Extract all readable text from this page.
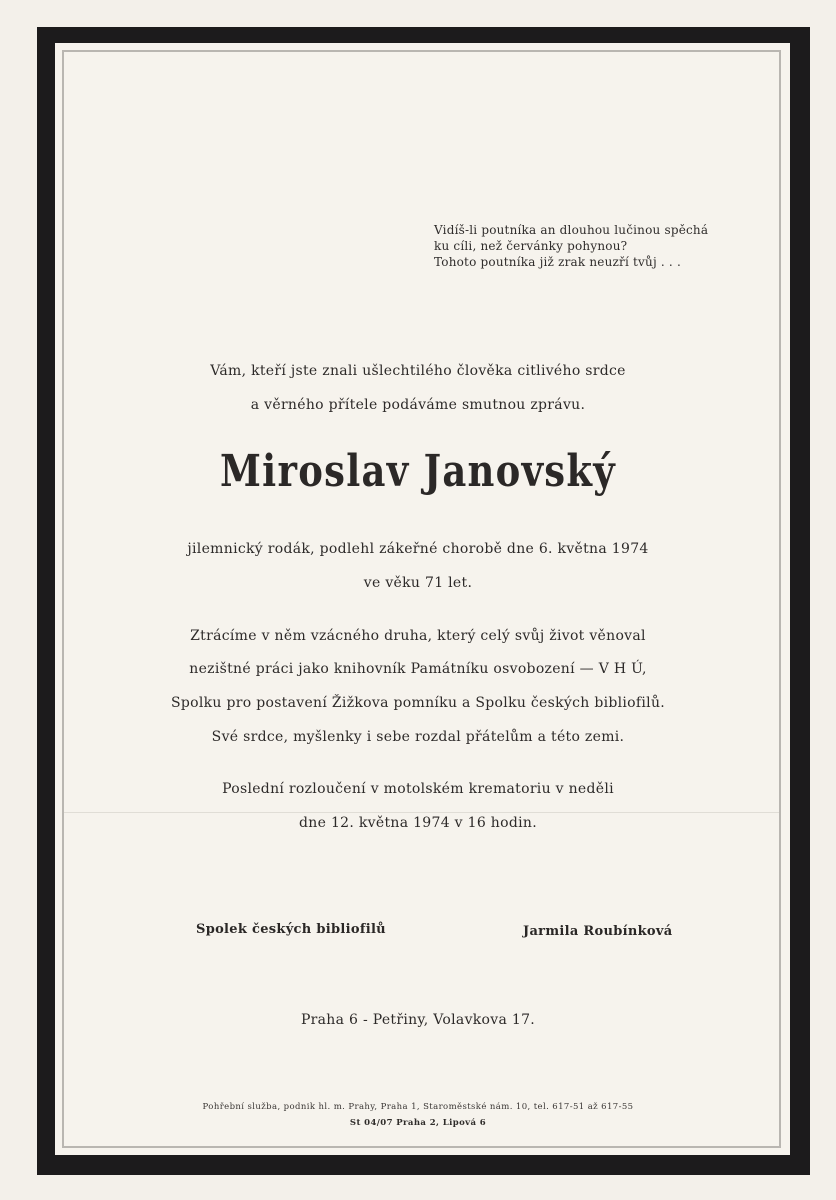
Vidíš-li poutníka an dlouhou lučinou spěchá
ku cíli, než červánky pohynou?
Tohoto poutníka již zrak neuzří tvůj . . .
Vám, kteří jste znali ušlechtilého člověka citlivého srdce
a věrného přítele podáváme smutnou zprávu.
Miroslav Janovský
jilemnický rodák, podlehl zákeřné chorobě dne 6. května 1974
ve věku 71 let.
Ztrácíme v něm vzácného druha, který celý svůj život věnoval
nezištné práci jako knihovník Památníku osvobození — V H Ú,
Spolku pro postavení Žižkova pomníku a Spolku českých bibliofilů.
Své srdce, myšlenky i sebe rozdal přátelům a této zemi.
Poslední rozloučení v motolském krematoriu v neděli
dne 12. května 1974 v 16 hodin.
Spolek českých bibliofilů	Jarmila Roubínková
Praha 6 - Petřiny, Volavkova 17.
Pohřební služba, podnik hl. m. Prahy, Praha 1, Staroměstské nám. 10, tel. 617-51 až 617-55
St 04/07 Praha 2, Lipová 6
